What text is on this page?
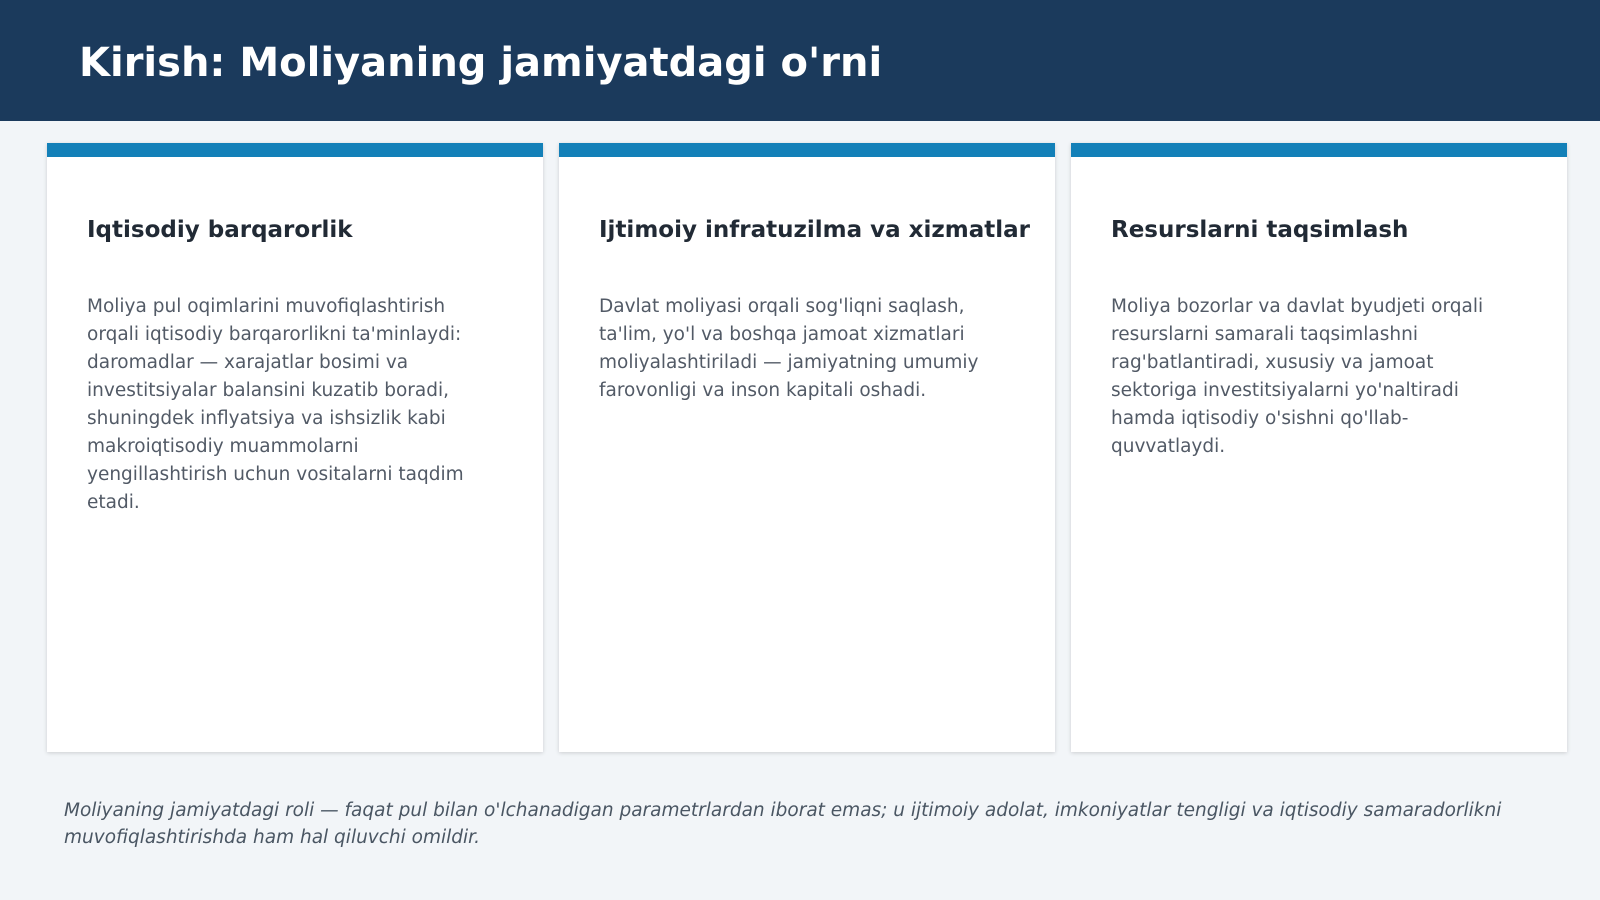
Kirish: Moliyaning jamiyatdagi o'rni
Iqtisodiy barqarorlik

Moliya pul oqimlarini muvofiqlashtirish orqali iqtisodiy barqarorlikni ta'minlaydi: daromadlar — xarajatlar bosimi va investitsiyalar balansini kuzatib boradi, shuningdek inflyatsiya va ishsizlik kabi makroiqtisodiy muammolarni yengillashtirish uchun vositalarni taqdim etadi.

Ijtimoiy infratuzilma va xizmatlar

Davlat moliyasi orqali sog'liqni saqlash, ta'lim, yo'l va boshqa jamoat xizmatlari moliyalashtiriladi — jamiyatning umumiy farovonligi va inson kapitali oshadi.

Resurslarni taqsimlash

Moliya bozorlar va davlat byudjeti orqali resurslarni samarali taqsimlashni rag'batlantiradi, xususiy va jamoat sektoriga investitsiyalarni yo'naltiradi hamda iqtisodiy o'sishni qo'llab-quvvatlaydi.

Moliyaning jamiyatdagi roli — faqat pul bilan o'lchanadigan parametrlardan iborat emas; u ijtimoiy adolat, imkoniyatlar tengligi va iqtisodiy samaradorlikni muvofiqlashtirishda ham hal qiluvchi omildir.
